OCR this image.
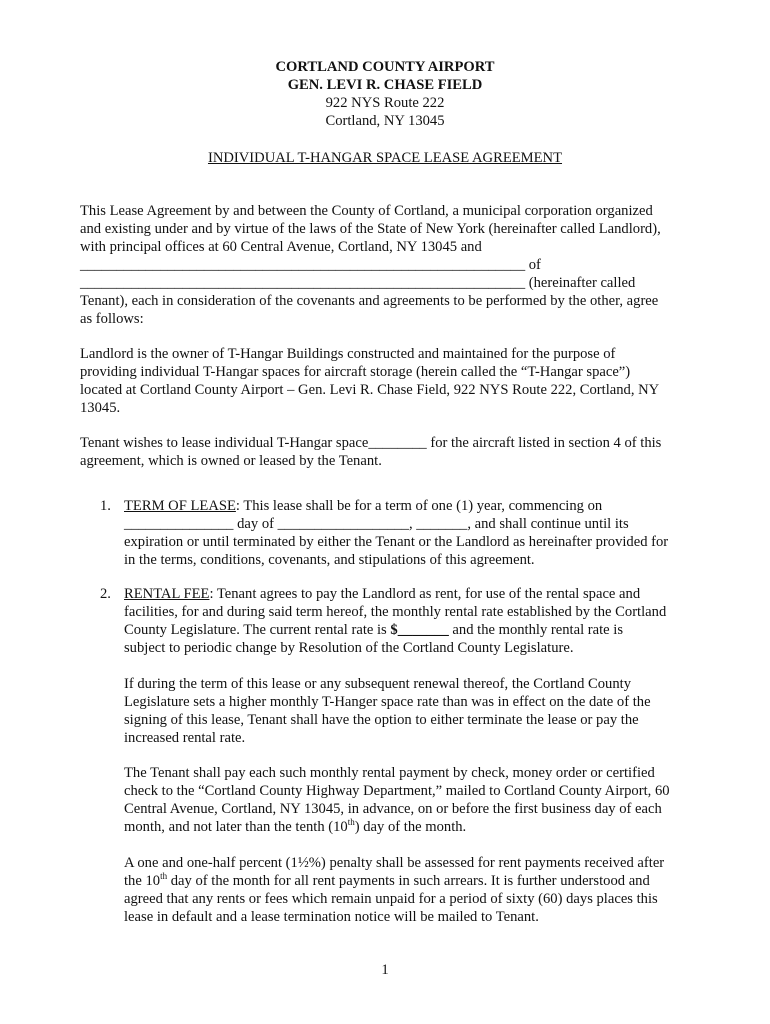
CORTLAND COUNTY AIRPORT
GEN. LEVI R. CHASE FIELD
922 NYS Route 222
Cortland, NY 13045
INDIVIDUAL T-HANGAR SPACE LEASE AGREEMENT
This Lease Agreement by and between the County of Cortland, a municipal corporation organized
and existing under and by virtue of the laws of the State of New York (hereinafter called Landlord),
with principal offices at 60 Central Avenue, Cortland, NY 13045 and
_____________________________________________________________ of
_____________________________________________________________ (hereinafter called
Tenant), each in consideration of the covenants and agreements to be performed by the other, agree
as follows:
Landlord is the owner of T-Hangar Buildings constructed and maintained for the purpose of
providing individual T-Hangar spaces for aircraft storage (herein called the “T-Hangar space”)
located at Cortland County Airport – Gen. Levi R. Chase Field, 922 NYS Route 222, Cortland, NY
13045.
Tenant wishes to lease individual T-Hangar space________ for the aircraft listed in section 4 of this
agreement, which is owned or leased by the Tenant.
1. TERM OF LEASE: This lease shall be for a term of one (1) year, commencing on
_______________ day of __________________, _______, and shall continue until its
expiration or until terminated by either the Tenant or the Landlord as hereinafter provided for
in the terms, conditions, covenants, and stipulations of this agreement.
2. RENTAL FEE: Tenant agrees to pay the Landlord as rent, for use of the rental space and
facilities, for and during said term hereof, the monthly rental rate established by the Cortland
County Legislature. The current rental rate is $_______ and the monthly rental rate is
subject to periodic change by Resolution of the Cortland County Legislature.
If during the term of this lease or any subsequent renewal thereof, the Cortland County
Legislature sets a higher monthly T-Hanger space rate than was in effect on the date of the
signing of this lease, Tenant shall have the option to either terminate the lease or pay the
increased rental rate.
The Tenant shall pay each such monthly rental payment by check, money order or certified
check to the “Cortland County Highway Department,” mailed to Cortland County Airport, 60
Central Avenue, Cortland, NY 13045, in advance, on or before the first business day of each
month, and not later than the tenth (10th) day of the month.
A one and one-half percent (1½%) penalty shall be assessed for rent payments received after
the 10th day of the month for all rent payments in such arrears. It is further understood and
agreed that any rents or fees which remain unpaid for a period of sixty (60) days places this
lease in default and a lease termination notice will be mailed to Tenant.
1
